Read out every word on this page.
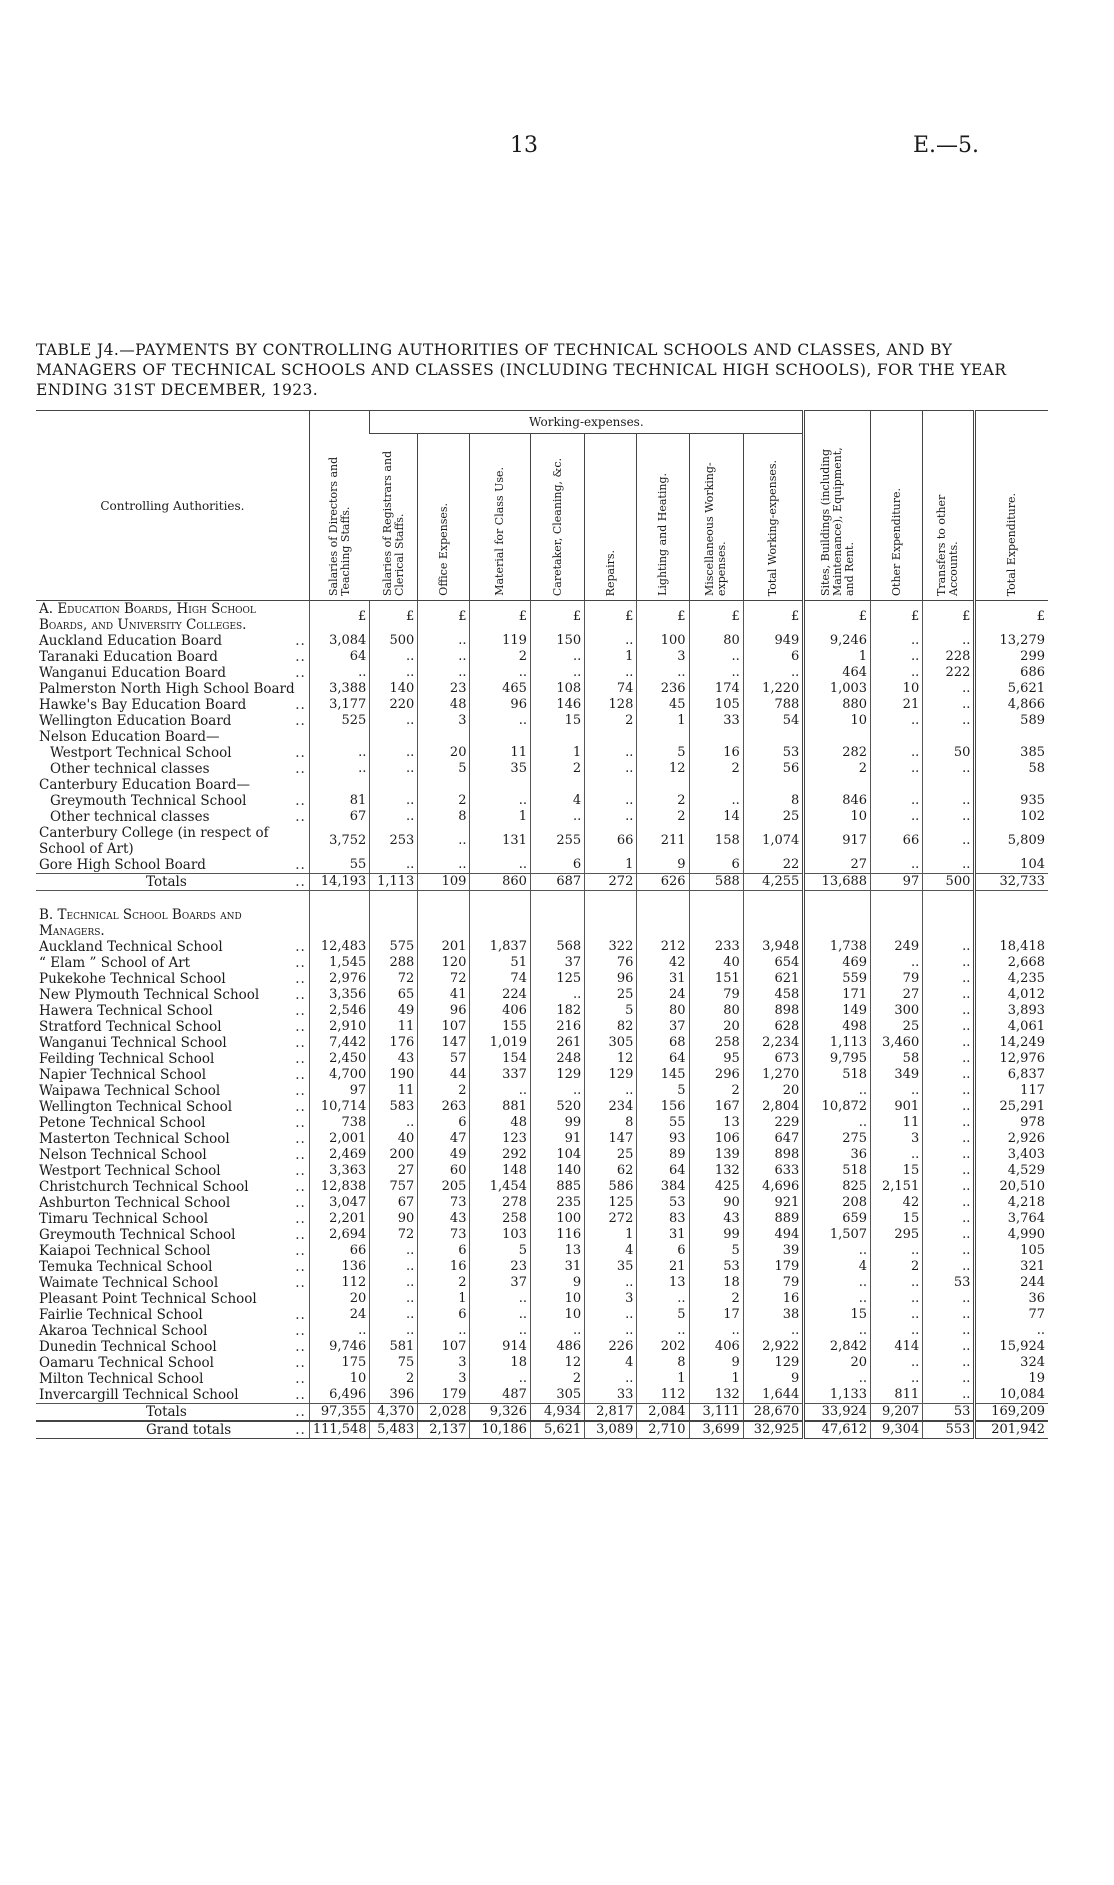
13	E.—5.
TABLE J4.—PAYMENTS BY CONTROLLING AUTHORITIES OF TECHNICAL SCHOOLS AND CLASSES, AND BY MANAGERS OF TECHNICAL SCHOOLS AND CLASSES (INCLUDING TECHNICAL HIGH SCHOOLS), FOR THE YEAR ENDING 31ST DECEMBER, 1923.
Controlling Authorities.	Salaries of Directors and Teaching Staffs.	Working-expenses.								Sites, Buildings (including Maintenance), Equipment, and Rent.	Other Expenditure.	Transfers to other Accounts.	Total Expenditure.

		Salaries of Registrars and Clerical Staffs.	Office Expenses.	Material for Class Use.	Caretaker, Cleaning, &c.	Repairs.	Lighting and Heating.	Miscellaneous Working-expenses.	Total Working-expenses.				

A. Education Boards, High School Boards, and University Colleges.	£	£	£	£	£	£	£	£	£	£	£	£	£
Auckland Education Board ..	3,084	500	..	119	150	..	100	80	949	9,246	..	..	13,279
Taranaki Education Board ..	64	..	..	2	..	1	3	..	6	1	..	228	299
Wanganui Education Board ..	..	..	..	..	..	..	..	..	..	464	..	222	686
Palmerston North High School Board	3,388	140	23	465	108	74	236	174	1,220	1,003	10	..	5,621
Hawke's Bay Education Board ..	3,177	220	48	96	146	128	45	105	788	880	21	..	4,866
Wellington Education Board ..	525	..	3	..	15	2	1	33	54	10	..	..	589
Nelson Education Board—													
Westport Technical School ..	..	..	20	11	1	..	5	16	53	282	..	50	385
Other technical classes ..	..	..	5	35	2	..	12	2	56	2	..	..	58
Canterbury Education Board—													
Greymouth Technical School ..	81	..	2	..	4	..	2	..	8	846	..	..	935
Other technical classes ..	67	..	8	1	..	..	2	14	25	10	..	..	102
Canterbury College (in respect of School of Art)	3,752	253	..	131	255	66	211	158	1,074	917	66	..	5,809
Gore High School Board ..	55	..	..	..	6	1	9	6	22	27	..	..	104
Totals ..	14,193	1,113	109	860	687	272	626	588	4,255	13,688	97	500	32,733

B. Technical School Boards and Managers.													
Auckland Technical School ..	12,483	575	201	1,837	568	322	212	233	3,948	1,738	249	..	18,418
“ Elam ” School of Art ..	1,545	288	120	51	37	76	42	40	654	469	..	..	2,668
Pukekohe Technical School ..	2,976	72	72	74	125	96	31	151	621	559	79	..	4,235
New Plymouth Technical School ..	3,356	65	41	224	..	25	24	79	458	171	27	..	4,012
Hawera Technical School ..	2,546	49	96	406	182	5	80	80	898	149	300	..	3,893
Stratford Technical School ..	2,910	11	107	155	216	82	37	20	628	498	25	..	4,061
Wanganui Technical School ..	7,442	176	147	1,019	261	305	68	258	2,234	1,113	3,460	..	14,249
Feilding Technical School ..	2,450	43	57	154	248	12	64	95	673	9,795	58	..	12,976
Napier Technical School ..	4,700	190	44	337	129	129	145	296	1,270	518	349	..	6,837
Waipawa Technical School ..	97	11	2	..	..	..	5	2	20	..	..	..	117
Wellington Technical School ..	10,714	583	263	881	520	234	156	167	2,804	10,872	901	..	25,291
Petone Technical School ..	738	..	6	48	99	8	55	13	229	..	11	..	978
Masterton Technical School ..	2,001	40	47	123	91	147	93	106	647	275	3	..	2,926
Nelson Technical School ..	2,469	200	49	292	104	25	89	139	898	36	..	..	3,403
Westport Technical School ..	3,363	27	60	148	140	62	64	132	633	518	15	..	4,529
Christchurch Technical School ..	12,838	757	205	1,454	885	586	384	425	4,696	825	2,151	..	20,510
Ashburton Technical School ..	3,047	67	73	278	235	125	53	90	921	208	42	..	4,218
Timaru Technical School ..	2,201	90	43	258	100	272	83	43	889	659	15	..	3,764
Greymouth Technical School ..	2,694	72	73	103	116	1	31	99	494	1,507	295	..	4,990
Kaiapoi Technical School ..	66	..	6	5	13	4	6	5	39	..	..	..	105
Temuka Technical School ..	136	..	16	23	31	35	21	53	179	4	2	..	321
Waimate Technical School ..	112	..	2	37	9	..	13	18	79	..	..	53	244
Pleasant Point Technical School	20	..	1	..	10	3	..	2	16	..	..	..	36
Fairlie Technical School ..	24	..	6	..	10	..	5	17	38	15	..	..	77
Akaroa Technical School ..	..	..	..	..	..	..	..	..	..	..	..	..	..
Dunedin Technical School ..	9,746	581	107	914	486	226	202	406	2,922	2,842	414	..	15,924
Oamaru Technical School ..	175	75	3	18	12	4	8	9	129	20	..	..	324
Milton Technical School ..	10	2	3	..	2	..	1	1	9	..	..	..	19
Invercargill Technical School ..	6,496	396	179	487	305	33	112	132	1,644	1,133	811	..	10,084
Totals ..	97,355	4,370	2,028	9,326	4,934	2,817	2,084	3,111	28,670	33,924	9,207	53	169,209
Grand totals ..	111,548	5,483	2,137	10,186	5,621	3,089	2,710	3,699	32,925	47,612	9,304	553	201,942
